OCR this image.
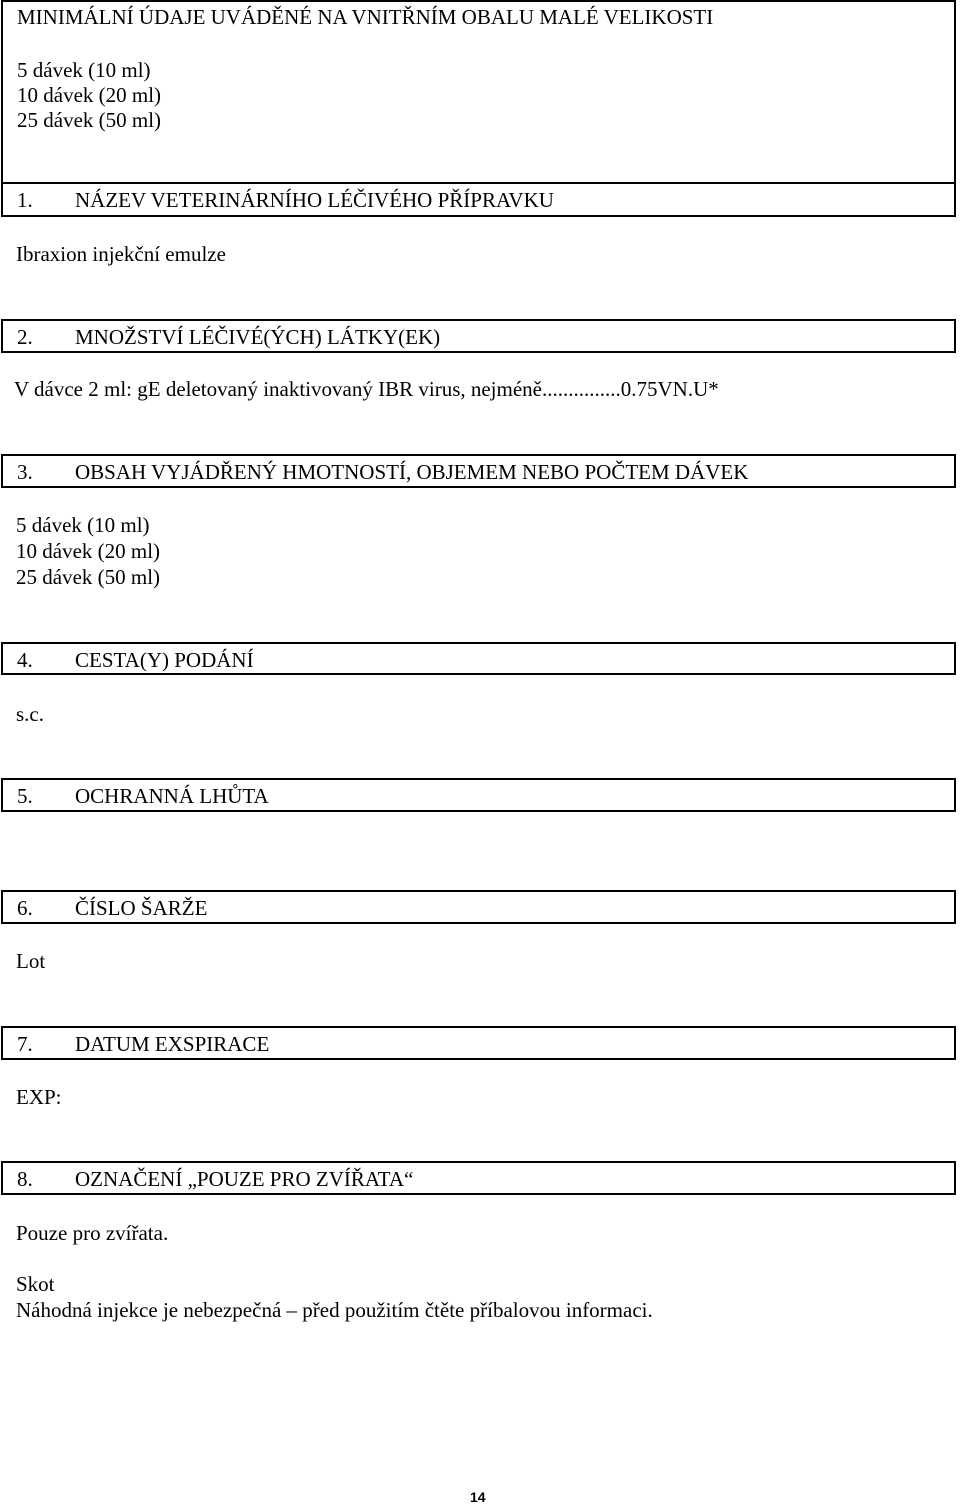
MINIMÁLNÍ ÚDAJE UVÁDĚNÉ NA VNITŘNÍM OBALU MALÉ VELIKOSTI
5 dávek (10 ml)
10 dávek (20 ml)
25 dávek (50 ml)
1. NÁZEV VETERINÁRNÍHO LÉČIVÉHO PŘÍPRAVKU
Ibraxion injekční emulze
2. MNOŽSTVÍ LÉČIVÉ(ÝCH) LÁTKY(EK)
V dávce 2 ml: gE deletovaný inaktivovaný IBR virus, nejméně...............0.75VN.U*
3. OBSAH VYJÁDŘENÝ HMOTNOSTÍ, OBJEMEM NEBO POČTEM DÁVEK
5 dávek (10 ml)
10 dávek (20 ml)
25 dávek (50 ml)
4. CESTA(Y) PODÁNÍ
s.c.
5. OCHRANNÁ LHŮTA
6. ČÍSLO ŠARŽE
Lot
7. DATUM EXSPIRACE
EXP:
8. OZNAČENÍ „POUZE PRO ZVÍŘATA“
Pouze pro zvířata.
Skot
Náhodná injekce je nebezpečná – před použitím čtěte příbalovou informaci.
14
